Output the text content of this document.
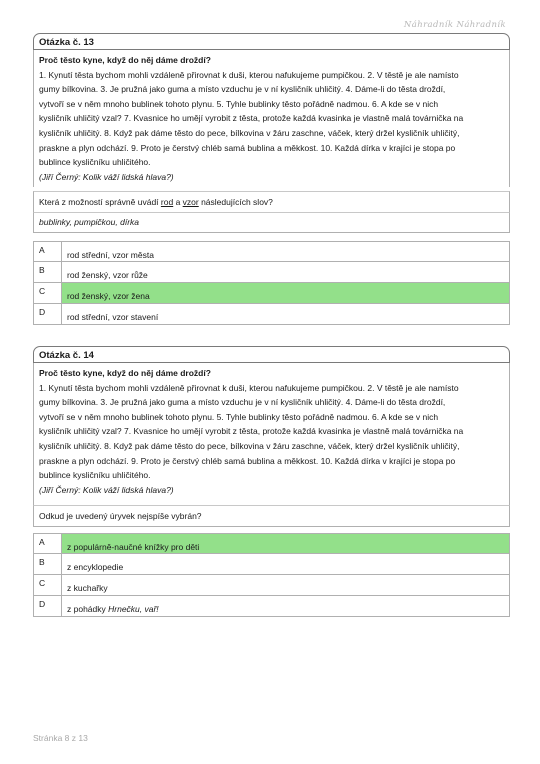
Náhradník Náhradník
Otázka č. 13
Proč těsto kyne, když do něj dáme droždí?
1. Kynutí těsta bychom mohli vzdáleně přirovnat k duši, kterou nafukujeme pumpičkou. 2. V těstě je ale namísto
gumy bílkovina. 3. Je pružná jako guma a místo vzduchu je v ní kysličník uhličitý. 4. Dáme-li do těsta droždí,
vytvoří se v něm mnoho bublinek tohoto plynu. 5. Tyhle bublinky těsto pořádně nadmou. 6. A kde se v nich
kysličník uhličitý vzal? 7. Kvasnice ho umějí vyrobit z těsta, protože každá kvasinka je vlastně malá továrnička na
kysličník uhličitý. 8. Když pak dáme těsto do pece, bílkovina v žáru zaschne, váček, který držel kysličník uhličitý,
praskne a plyn odchází. 9. Proto je čerstvý chléb samá bublina a měkkost. 10. Každá dírka v krajíci je stopa po
bublince kysličníku uhličitého.
(Jiří Černý: Kolik váží lidská hlava?)
Která z možností správně uvádí rod a vzor následujících slov?
bublinky, pumpičkou, dírka
A	rod střední, vzor města
B	rod ženský, vzor růže
C	rod ženský, vzor žena
D	rod střední, vzor stavení
Otázka č. 14
Proč těsto kyne, když do něj dáme droždí?
1. Kynutí těsta bychom mohli vzdáleně přirovnat k duši, kterou nafukujeme pumpičkou. 2. V těstě je ale namísto
gumy bílkovina. 3. Je pružná jako guma a místo vzduchu je v ní kysličník uhličitý. 4. Dáme-li do těsta droždí,
vytvoří se v něm mnoho bublinek tohoto plynu. 5. Tyhle bublinky těsto pořádně nadmou. 6. A kde se v nich
kysličník uhličitý vzal? 7. Kvasnice ho umějí vyrobit z těsta, protože každá kvasinka je vlastně malá továrnička na
kysličník uhličitý. 8. Když pak dáme těsto do pece, bílkovina v žáru zaschne, váček, který držel kysličník uhličitý,
praskne a plyn odchází. 9. Proto je čerstvý chléb samá bublina a měkkost. 10. Každá dírka v krajíci je stopa po
bublince kysličníku uhličitého.
(Jiří Černý: Kolik váží lidská hlava?)
Odkud je uvedený úryvek nejspíše vybrán?
A	z populárně-naučné knížky pro děti
B	z encyklopedie
C	z kuchařky
D	z pohádky Hrnečku, vař!
Stránka 8 z 13
